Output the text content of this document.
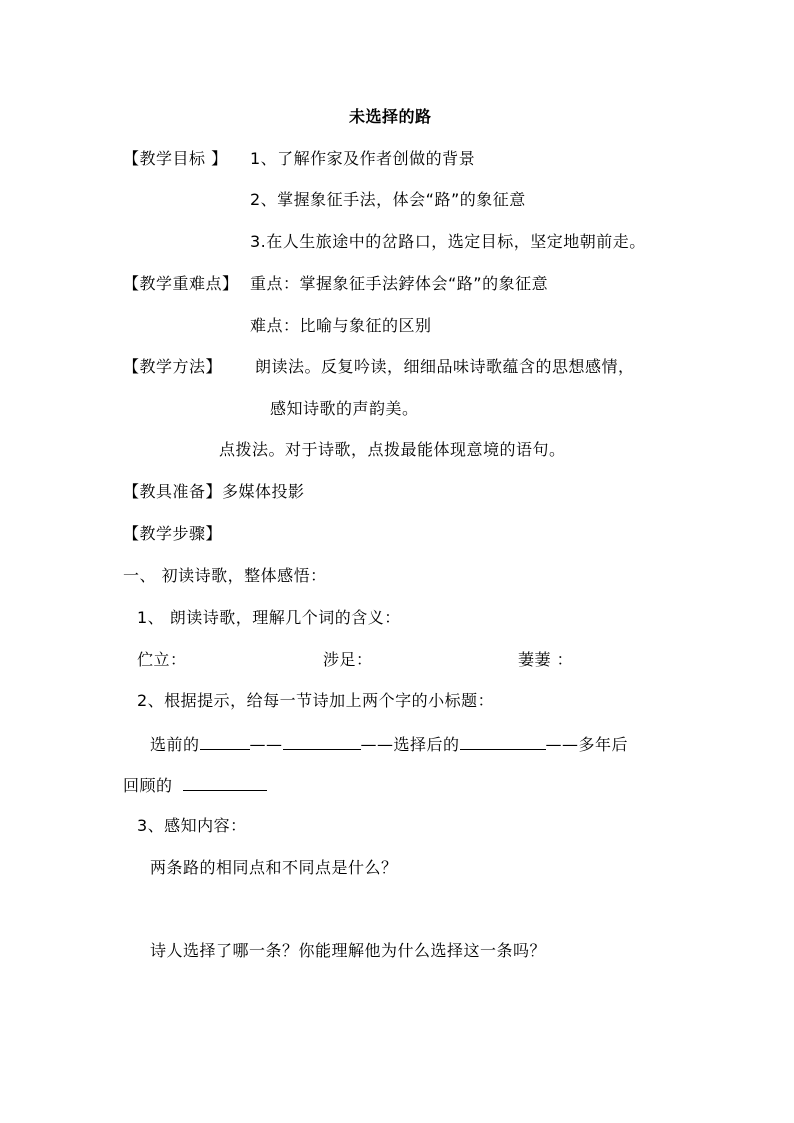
未选择的路
【教学目标 】 1、了解作家及作者创做的背景
2、掌握象征手法，体会“路”的象征意
3.在人生旅途中的岔路口，选定目标，坚定地朝前走。
【教学重难点】 重点：掌握象征手法鋍体会“路”的象征意
难点：比喻与象征的区别
【教学方法】 朗读法。反复吟读，细细品味诗歌蕴含的思想感情，
感知诗歌的声韵美。
点拨法。对于诗歌，点拨最能体现意境的语句。
【教具准备】多媒体投影
【教学步骤】
一、 初读诗歌，整体感悟：
1、 朗读诗歌，理解几个词的含义：
伫立：	涉足：	萋萋 ：
2、根据提示，给每一节诗加上两个字的小标题：
选前的	——	——选择后的	——多年后
回顾的
3、感知内容：
两条路的相同点和不同点是什么？
诗人选择了哪一条？你能理解他为什么选择这一条吗？
